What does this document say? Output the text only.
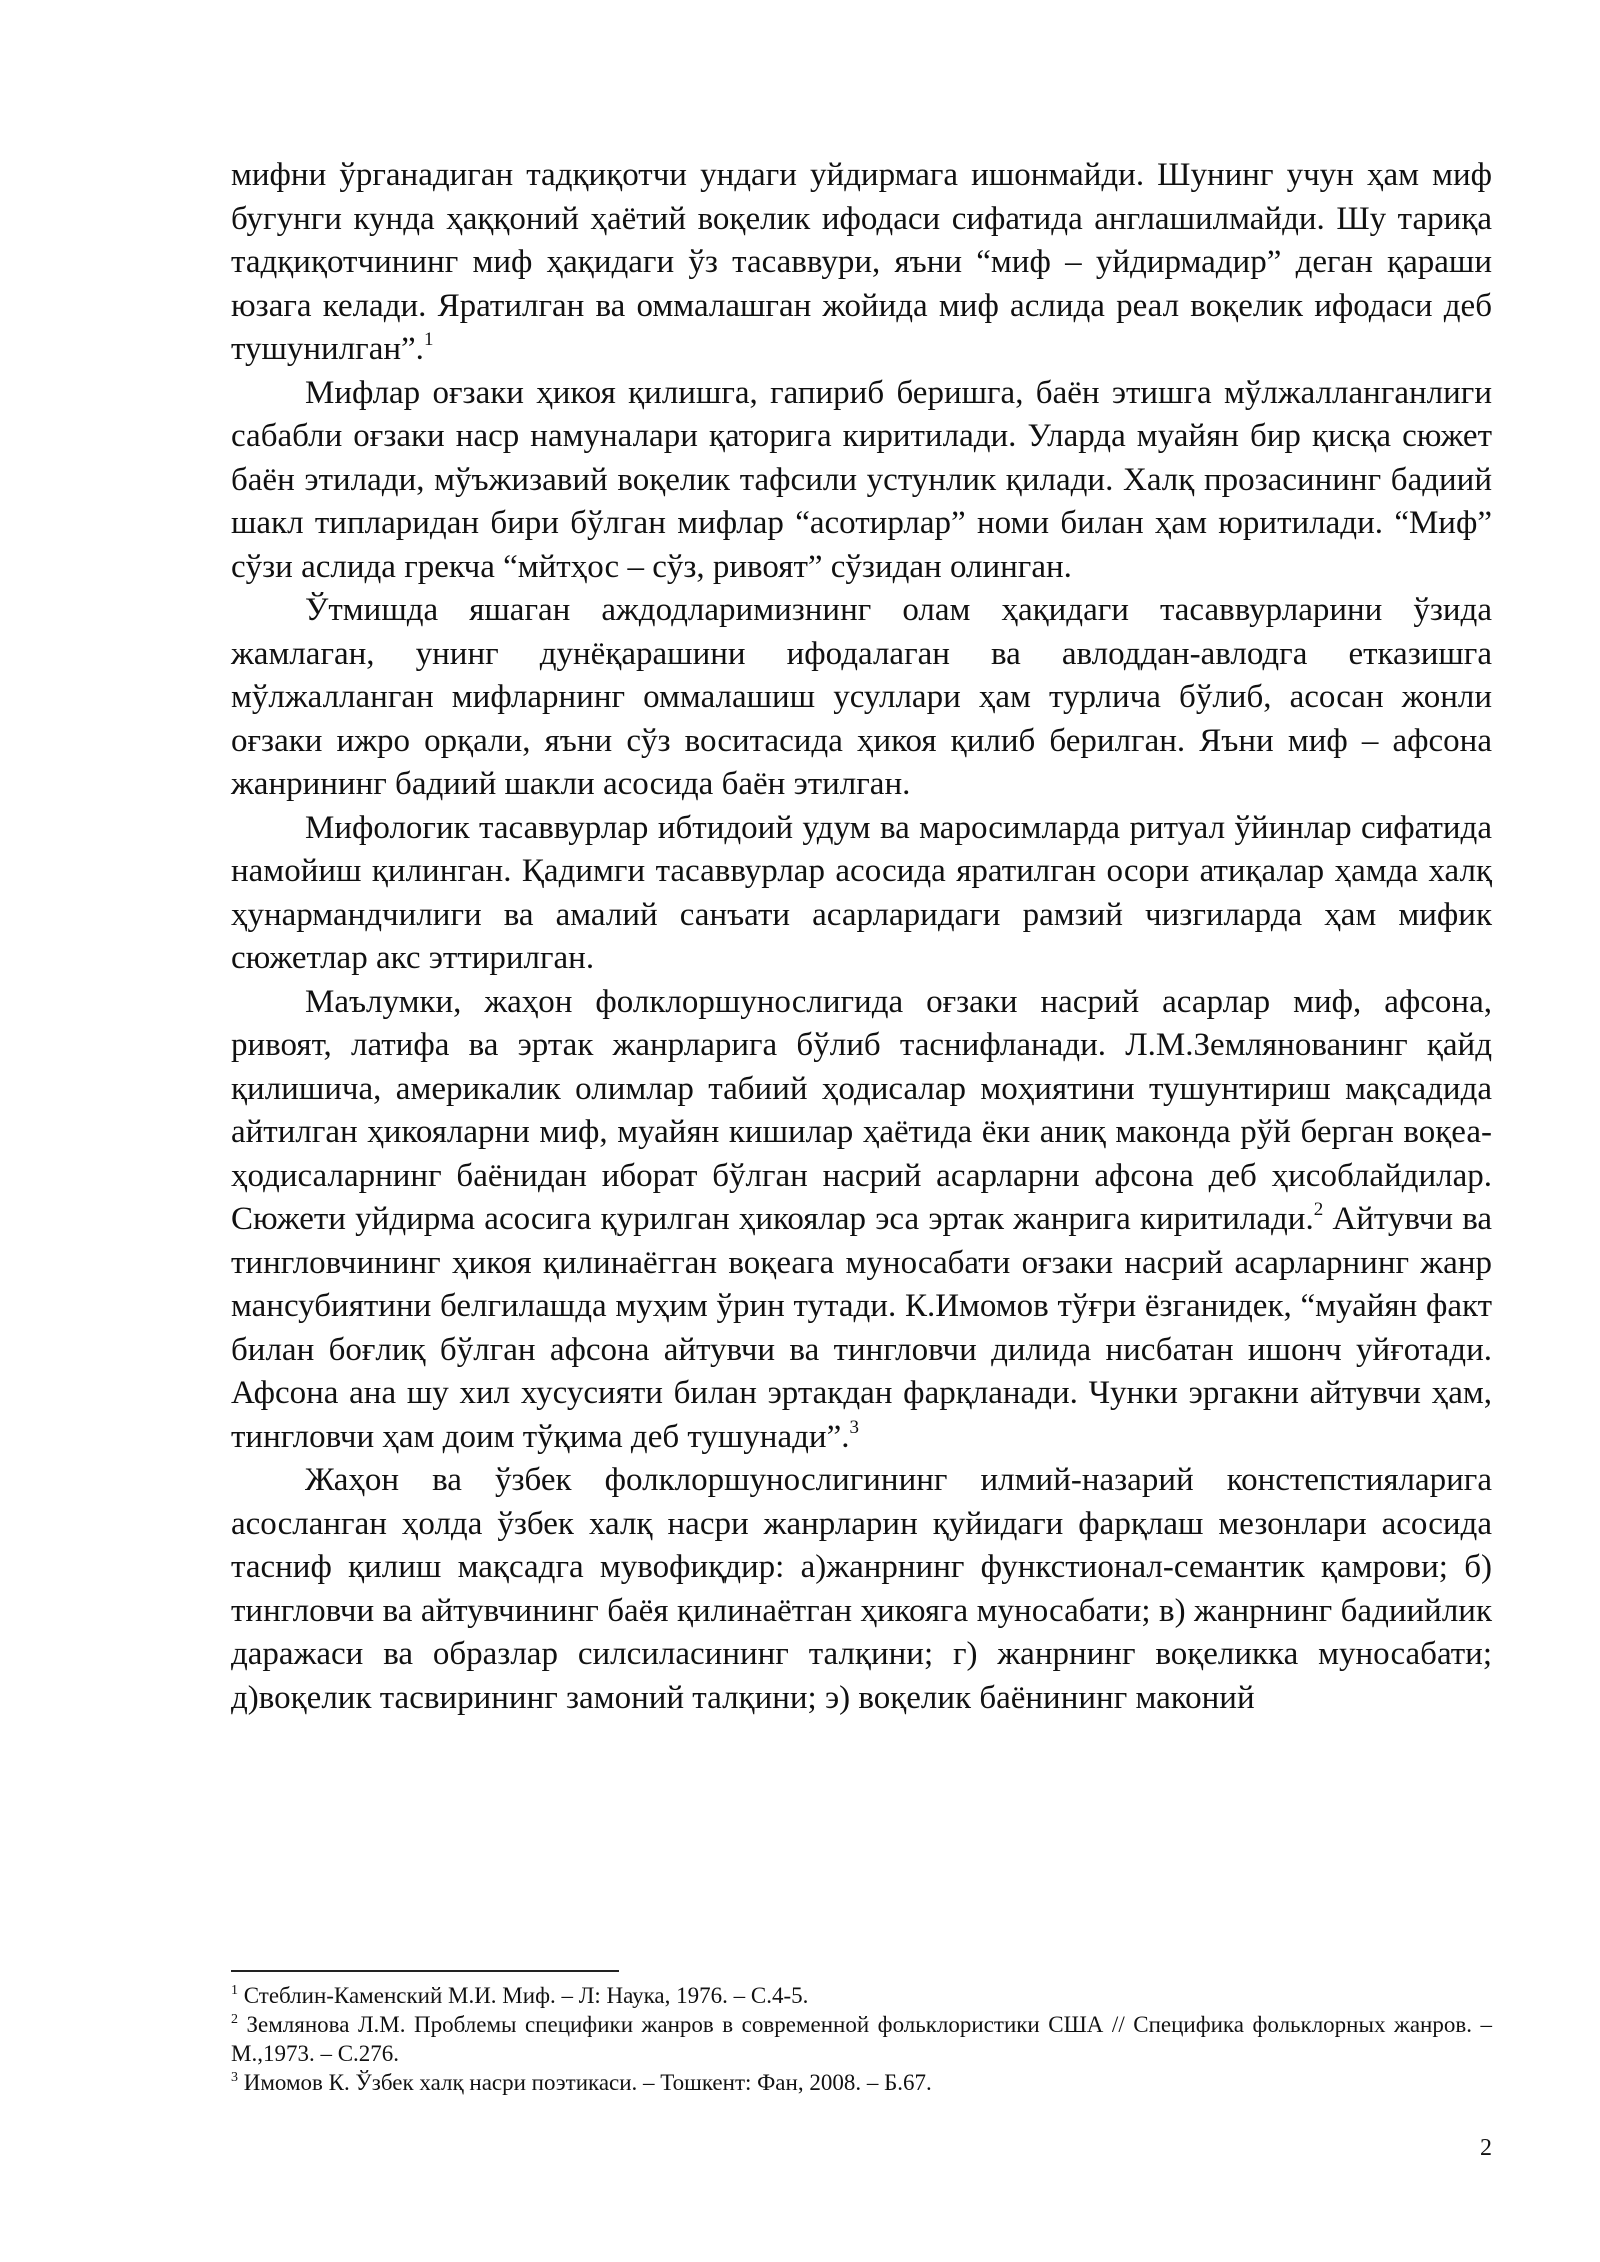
мифни ўрганадиган тадқиқотчи ундаги уйдирмага ишонмайди. Шунинг учун ҳам миф бугунги кунда ҳаққоний ҳаётий воқелик ифодаси сифатида англашилмайди. Шу тариқа тадқиқотчининг миф ҳақидаги ўз тасаввури, яъни “миф – уйдирмадир” деган қараши юзага келади. Яратилган ва оммалашган жойида миф аслида реал воқелик ифодаси деб тушунилган”.$^1$

Мифлар оғзаки ҳикоя қилишга, гапириб беришга, баён этишга мўлжалланганлиги сабабли оғзаки наср намуналари қаторига киритилади. Уларда муайян бир қисқа сюжет баён этилади, мўъжизавий воқелик тафсили устунлик қилади. Халқ прозасининг бадиий шакл типларидан бири бўлган мифлар “асотирлар” номи билан ҳам юритилади. “Миф” сўзи аслида грекча “мйтҳос – сўз, ривоят” сўзидан олинган.

Ўтмишда яшаган аждодларимизнинг олам ҳақидаги тасаввурларини ўзида жамлаган, унинг дунёқарашини ифодалаган ва авлоддан-авлодга етказишга мўлжалланган мифларнинг оммалашиш усуллари ҳам турлича бўлиб, асосан жонли оғзаки ижро орқали, яъни сўз воситасида ҳикоя қилиб берилган. Яъни миф – афсона жанрининг бадиий шакли асосида баён этилган.

Мифологик тасаввурлар ибтидоий удум ва маросимларда ритуал ўйинлар сифатида намойиш қилинган. Қадимги тасаввурлар асосида яратилган осори атиқалар ҳамда халқ ҳунармандчилиги ва амалий санъати асарларидаги рамзий чизгиларда ҳам мифик сюжетлар акс эттирилган.

Маълумки, жаҳон фолклоршунослигида оғзаки насрий асарлар миф, афсона, ривоят, латифа ва эртак жанрларига бўлиб таснифланади. Л.М.Землянованинг қайд қилишича, америкалик олимлар табиий ҳодисалар моҳиятини тушунтириш мақсадида айтилган ҳикояларни миф, муайян кишилар ҳаётида ёки аниқ маконда рўй берган воқеа-ҳодисаларнинг баёнидан иборат бўлган насрий асарларни афсона деб ҳисоблайдилар. Сюжети уйдирма асосига қурилган ҳикоялар эса эртак жанрига киритилади.$^2$ Айтувчи ва тингловчининг ҳикоя қилинаёгган воқеага муносабати оғзаки насрий асарларнинг жанр мансубиятини белгилашда муҳим ўрин тутади. К.Имомов тўғри ёзганидек, “муайян факт билан боғлиқ бўлган афсона айтувчи ва тингловчи дилида нисбатан ишонч уйғотади. Афсона ана шу хил хусусияти билан эртакдан фарқланади. Чунки эргакни айтувчи ҳам, тингловчи ҳам доим тўқима деб тушунади”.$^3$

Жаҳон ва ўзбек фолклоршунослигининг илмий-назарий констепстияларига асосланган ҳолда ўзбек халқ насри жанрларин қуйидаги фарқлаш мезонлари асосида тасниф қилиш мақсадга мувофиқдир: а)жанрнинг функстионал-семантик қамрови; б) тингловчи ва айтувчининг баёя қилинаётган ҳикояга муносабати; в) жанрнинг бадиийлик даражаси ва образлар силсиласининг талқини; г) жанрнинг воқеликка муносабати; д)воқелик тасвирининг замоний талқини; э) воқелик баёнининг маконий

$^1$ Стеблин-Каменский М.И. Миф. – Л: Наука, 1976. – С.4-5.

$^2$ Землянова Л.М. Проблемы специфики жанров в современной фольклористики США // Специфика фольклорных жанров. – М.,1973. – С.276.

$^3$ Имомов К. Ўзбек халқ насри поэтикаси. – Тошкент: Фан, 2008. – Б.67.

2
